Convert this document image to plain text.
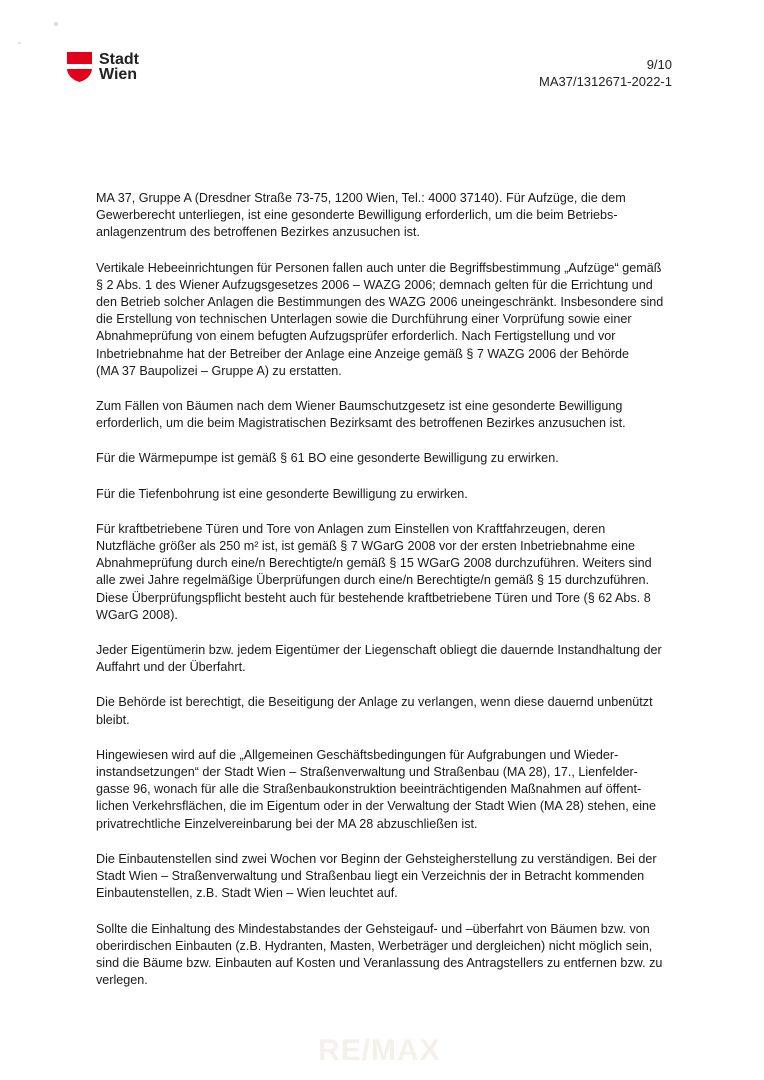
Stadt
Wien
9/10
MA37/1312671-2022-1

MA 37, Gruppe A (Dresdner Straße 73-75, 1200 Wien, Tel.: 4000 37140). Für Aufzüge, die dem
Gewerberecht unterliegen, ist eine gesonderte Bewilligung erforderlich, um die beim Betriebs-
anlagenzentrum des betroffenen Bezirkes anzusuchen ist.

Vertikale Hebeeinrichtungen für Personen fallen auch unter die Begriffsbestimmung „Aufzüge“ gemäß
§ 2 Abs. 1 des Wiener Aufzugsgesetzes 2006 – WAZG 2006; demnach gelten für die Errichtung und
den Betrieb solcher Anlagen die Bestimmungen des WAZG 2006 uneingeschränkt. Insbesondere sind
die Erstellung von technischen Unterlagen sowie die Durchführung einer Vorprüfung sowie einer
Abnahmeprüfung von einem befugten Aufzugsprüfer erforderlich. Nach Fertigstellung und vor
Inbetriebnahme hat der Betreiber der Anlage eine Anzeige gemäß § 7 WAZG 2006 der Behörde
(MA 37 Baupolizei – Gruppe A) zu erstatten.

Zum Fällen von Bäumen nach dem Wiener Baumschutzgesetz ist eine gesonderte Bewilligung
erforderlich, um die beim Magistratischen Bezirksamt des betroffenen Bezirkes anzusuchen ist.

Für die Wärmepumpe ist gemäß § 61 BO eine gesonderte Bewilligung zu erwirken.

Für die Tiefenbohrung ist eine gesonderte Bewilligung zu erwirken.

Für kraftbetriebene Türen und Tore von Anlagen zum Einstellen von Kraftfahrzeugen, deren
Nutzfläche größer als 250 m² ist, ist gemäß § 7 WGarG 2008 vor der ersten Inbetriebnahme eine
Abnahmeprüfung durch eine/n Berechtigte/n gemäß § 15 WGarG 2008 durchzuführen. Weiters sind
alle zwei Jahre regelmäßige Überprüfungen durch eine/n Berechtigte/n gemäß § 15 durchzuführen.
Diese Überprüfungspflicht besteht auch für bestehende kraftbetriebene Türen und Tore (§ 62 Abs. 8
WGarG 2008).

Jeder Eigentümerin bzw. jedem Eigentümer der Liegenschaft obliegt die dauernde Instandhaltung der
Auffahrt und der Überfahrt.

Die Behörde ist berechtigt, die Beseitigung der Anlage zu verlangen, wenn diese dauernd unbenützt
bleibt.

Hingewiesen wird auf die „Allgemeinen Geschäftsbedingungen für Aufgrabungen und Wieder-
instandsetzungen“ der Stadt Wien – Straßenverwaltung und Straßenbau (MA 28), 17., Lienfelder-
gasse 96, wonach für alle die Straßenbaukonstruktion beeinträchtigenden Maßnahmen auf öffent-
lichen Verkehrsflächen, die im Eigentum oder in der Verwaltung der Stadt Wien (MA 28) stehen, eine
privatrechtliche Einzelvereinbarung bei der MA 28 abzuschließen ist.

Die Einbautenstellen sind zwei Wochen vor Beginn der Gehsteigherstellung zu verständigen. Bei der
Stadt Wien – Straßenverwaltung und Straßenbau liegt ein Verzeichnis der in Betracht kommenden
Einbautenstellen, z.B. Stadt Wien – Wien leuchtet auf.

Sollte die Einhaltung des Mindestabstandes der Gehsteigauf- und –überfahrt von Bäumen bzw. von
oberirdischen Einbauten (z.B. Hydranten, Masten, Werbeträger und dergleichen) nicht möglich sein,
sind die Bäume bzw. Einbauten auf Kosten und Veranlassung des Antragstellers zu entfernen bzw. zu
verlegen.

RE/MAX
